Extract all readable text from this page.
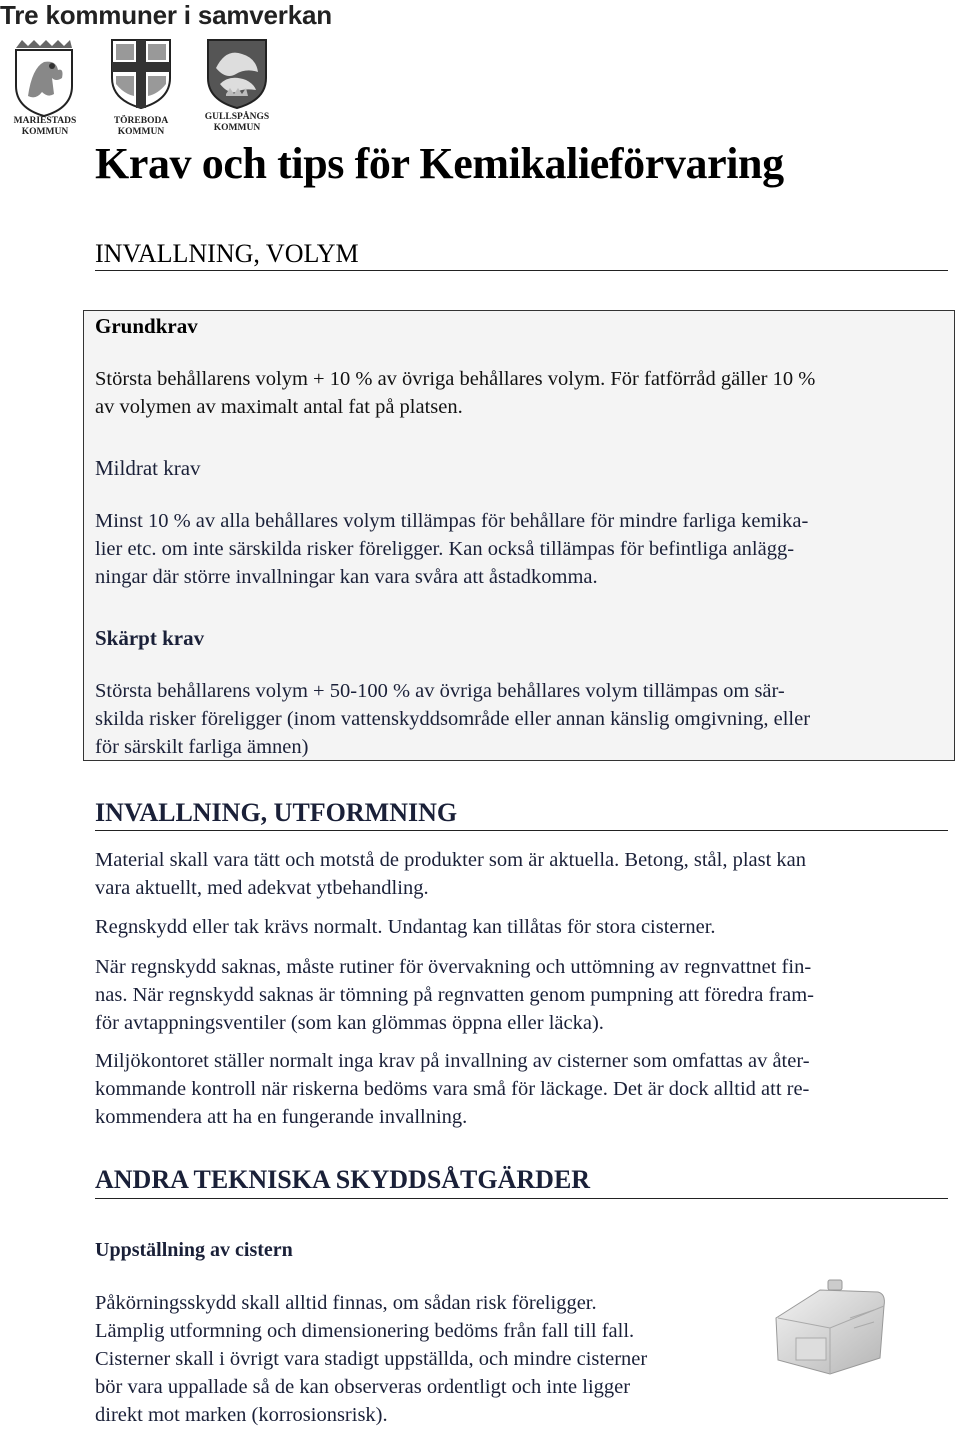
Tre kommuner i samverkan
MARIESTADS
KOMMUN
TÖREBODA
KOMMUN
GULLSPÅNGS
KOMMUN
Krav och tips för Kemikalieförvaring
INVALLNING, VOLYM
Grundkrav
Största behållarens volym + 10 % av övriga behållares volym. För fatförråd gäller 10 %
av volymen av maximalt antal fat på platsen.
Mildrat krav
Minst 10 % av alla behållares volym tillämpas för behållare för mindre farliga kemika-
lier etc. om inte särskilda risker föreligger. Kan också tillämpas för befintliga anlägg-
ningar där större invallningar kan vara svåra att åstadkomma.
Skärpt krav
Största behållarens volym + 50-100 % av övriga behållares volym tillämpas om sär-
skilda risker föreligger (inom vattenskyddsområde eller annan känslig omgivning, eller
för särskilt farliga ämnen)
INVALLNING, UTFORMNING
Material skall vara tätt och motstå de produkter som är aktuella. Betong, stål, plast kan
vara aktuellt, med adekvat ytbehandling.
Regnskydd eller tak krävs normalt. Undantag kan tillåtas för stora cisterner.
När regnskydd saknas, måste rutiner för övervakning och uttömning av regnvattnet fin-
nas. När regnskydd saknas är tömning på regnvatten genom pumpning att föredra fram-
för avtappningsventiler (som kan glömmas öppna eller läcka).
Miljökontoret ställer normalt inga krav på invallning av cisterner som omfattas av åter-
kommande kontroll när riskerna bedöms vara små för läckage. Det är dock alltid att re-
kommendera att ha en fungerande invallning.
ANDRA TEKNISKA SKYDDSÅTGÄRDER
Uppställning av cistern
Påkörningsskydd skall alltid finnas, om sådan risk föreligger.
Lämplig utformning och dimensionering bedöms från fall till fall.
Cisterner skall i övrigt vara stadigt uppställda, och mindre cisterner
bör vara uppallade så de kan observeras ordentligt och inte ligger
direkt mot marken (korrosionsrisk).
